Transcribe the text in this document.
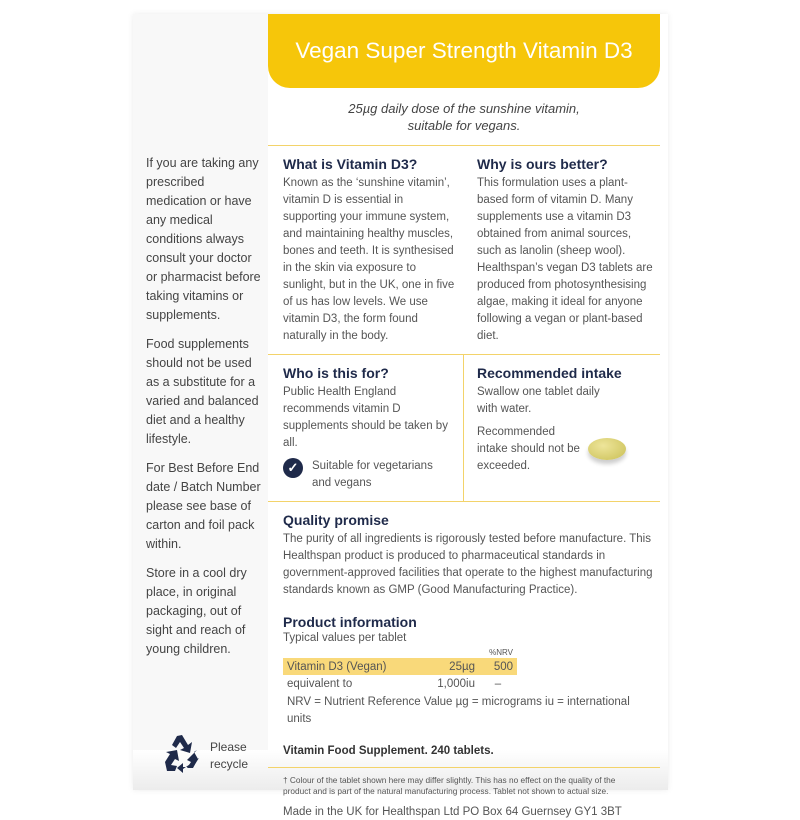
If you are taking any prescribed medication or have any medical conditions always consult your doctor or pharmacist before taking vitamins or supplements.

Food supplements should not be used as a substitute for a varied and balanced diet and a healthy lifestyle.

For Best Before End date / Batch Number please see base of carton and foil pack within.

Store in a cool dry place, in original packaging, out of sight and reach of young children.

Vegan Super Strength Vitamin D3
25µg daily dose of the sunshine vitamin,
suitable for vegans.
What is Vitamin D3?
Known as the ‘sunshine vitamin’, vitamin D is essential in supporting your immune system, and maintaining healthy muscles, bones and teeth. It is synthesised in the skin via exposure to sunlight, but in the UK, one in five of us has low levels. We use vitamin D3, the form found naturally in the body.
Why is ours better?
This formulation uses a plant-based form of vitamin D. Many supplements use a vitamin D3 obtained from animal sources, such as lanolin (sheep wool). Healthspan’s vegan D3 tablets are produced from photosynthesising algae, making it ideal for anyone following a vegan or plant-based diet.
Who is this for?
Public Health England recommends vitamin D supplements should be taken by all.
✓	Suitable for vegetarians and vegans
Recommended intake
Swallow one tablet daily with water.
Recommended intake should not be exceeded.
Quality promise
The purity of all ingredients is rigorously tested before manufacture. This Healthspan product is produced to pharmaceutical standards in government-approved facilities that operate to the highest manufacturing standards known as GMP (Good Manufacturing Practice).
Product information
Typical values per tablet
		%NRV
Vitamin D3 (Vegan)	25µg	500
equivalent to	1,000iu	–
NRV = Nutrient Reference Value µg = micrograms iu = international units
Vitamin Food Supplement. 240 tablets.
† Colour of the tablet shown here may differ slightly. This has no effect on the quality of the product and is part of the natural manufacturing process. Tablet not shown to actual size.
Made in the UK for Healthspan Ltd PO Box 64 Guernsey GY1 3BT
Please
recycle
